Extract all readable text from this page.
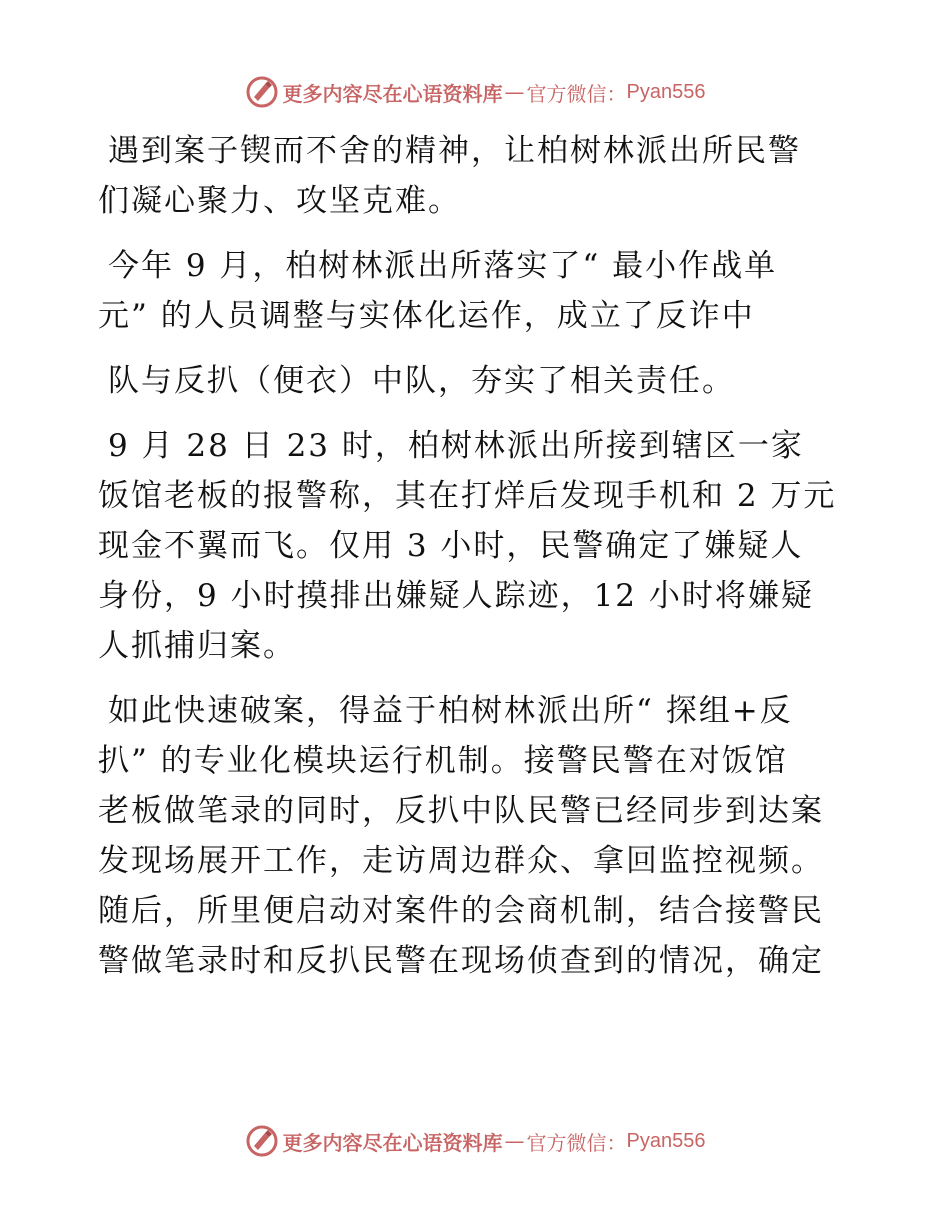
更多内容尽在心语资料库 — 官方微信： Pyan556
遇到案子锲而不舍的精神，让柏树林派出所民警
们凝心聚力、攻坚克难。
今年 9 月，柏树林派出所落实了“ 最小作战单
元” 的人员调整与实体化运作，成立了反诈中
队与反扒（便衣）中队，夯实了相关责任。
9 月 28 日 23 时，柏树林派出所接到辖区一家
饭馆老板的报警称，其在打烊后发现手机和 2 万元
现金不翼而飞。仅用 3 小时，民警确定了嫌疑人
身份，9 小时摸排出嫌疑人踪迹，12 小时将嫌疑
人抓捕归案。
如此快速破案，得益于柏树林派出所“ 探组+反
扒” 的专业化模块运行机制。接警民警在对饭馆
老板做笔录的同时，反扒中队民警已经同步到达案
发现场展开工作，走访周边群众、拿回监控视频。
随后，所里便启动对案件的会商机制，结合接警民
警做笔录时和反扒民警在现场侦查到的情况，确定
更多内容尽在心语资料库 — 官方微信： Pyan556
